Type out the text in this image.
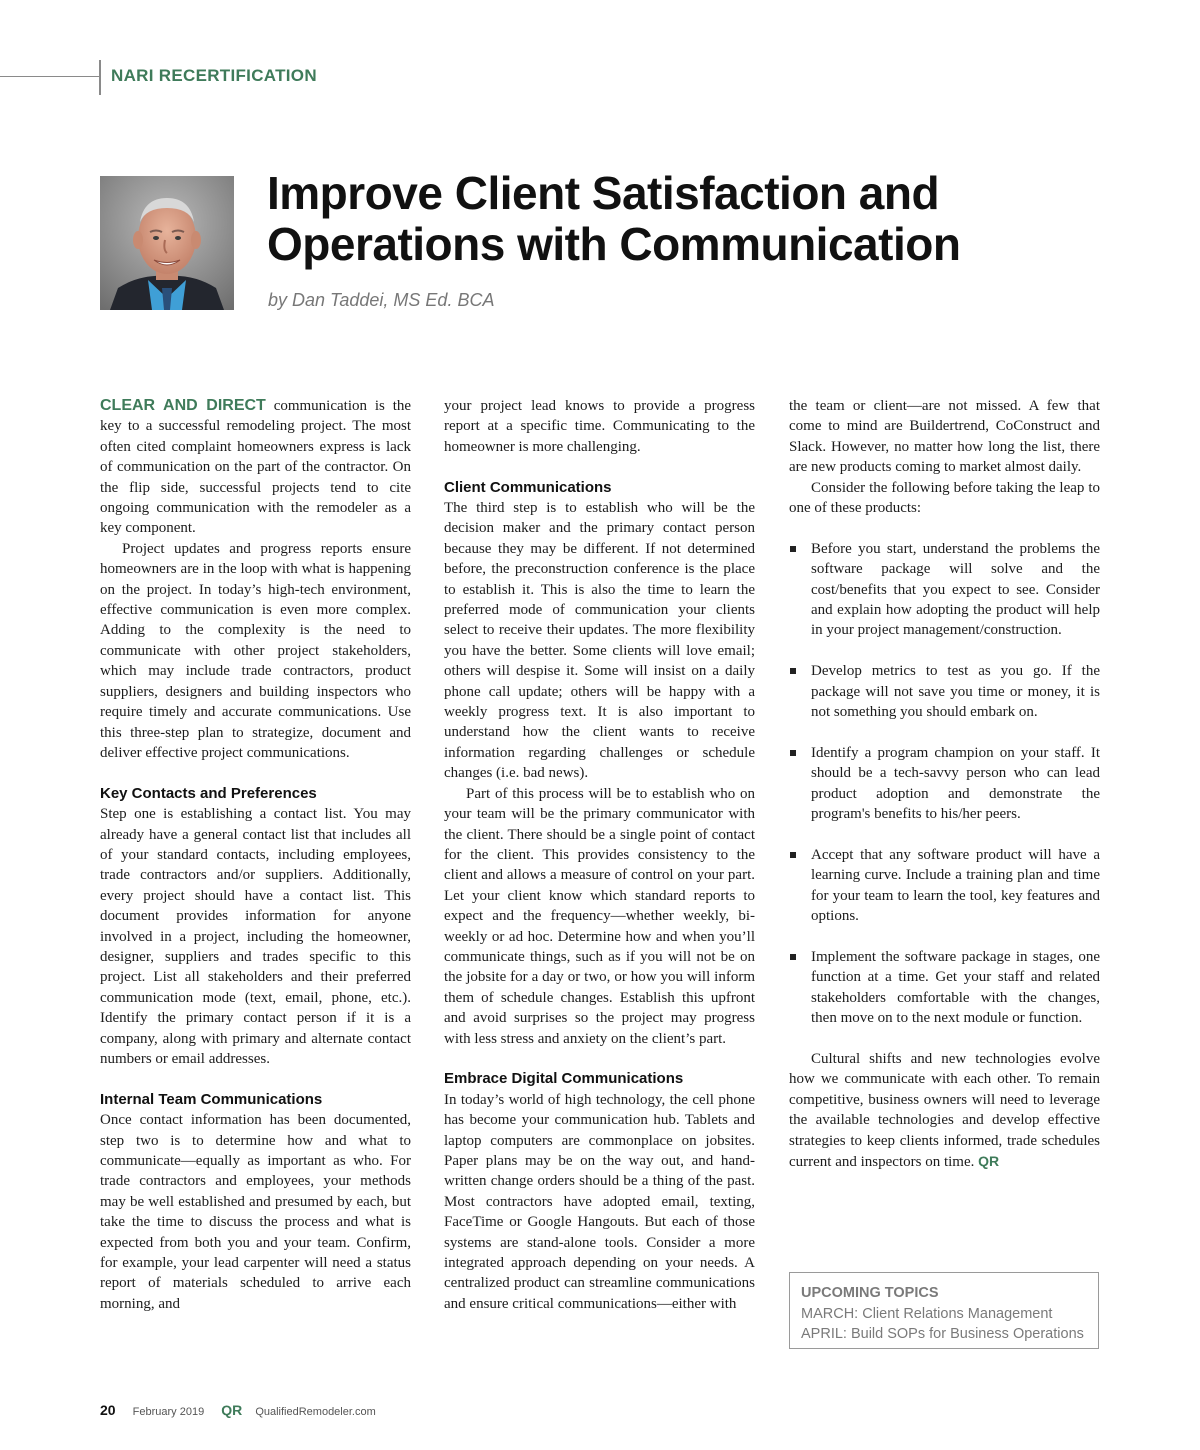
NARI RECERTIFICATION
Improve Client Satisfaction and
Operations with Communication
by Dan Taddei, MS Ed. BCA

CLEAR AND DIRECT communication is the key to a successful remodeling project. The most often cited complaint homeowners express is lack of communication on the part of the contractor. On the flip side, successful projects tend to cite ongoing communication with the remodeler as a key component.

Project updates and progress reports ensure homeowners are in the loop with what is happening on the project. In today’s high-tech environment, effective communication is even more complex. Adding to the complexity is the need to communicate with other project stakeholders, which may include trade contractors, product suppliers, designers and building inspectors who require timely and accurate communications. Use this three-step plan to strategize, document and deliver effective project communications.

Key Contacts and Preferences

Step one is establishing a contact list. You may already have a general contact list that includes all of your standard contacts, including employees, trade contractors and/or suppliers. Additionally, every project should have a contact list. This document provides information for anyone involved in a project, including the homeowner, designer, suppliers and trades specific to this project. List all stakeholders and their preferred communication mode (text, email, phone, etc.). Identify the primary contact person if it is a company, along with primary and alternate contact numbers or email addresses.

Internal Team Communications

Once contact information has been documented, step two is to determine how and what to communicate—equally as important as who. For trade contractors and employees, your methods may be well established and presumed by each, but take the time to discuss the process and what is expected from both you and your team. Confirm, for example, your lead carpenter will need a status report of materials scheduled to arrive each morning, and

your project lead knows to provide a progress report at a specific time. Communicating to the homeowner is more challenging.

Client Communications

The third step is to establish who will be the decision maker and the primary contact person because they may be different. If not determined before, the preconstruction conference is the place to establish it. This is also the time to learn the preferred mode of communication your clients select to receive their updates. The more flexibility you have the better. Some clients will love email; others will despise it. Some will insist on a daily phone call update; others will be happy with a weekly progress text. It is also important to understand how the client wants to receive information regarding challenges or schedule changes (i.e. bad news).

Part of this process will be to establish who on your team will be the primary communicator with the client. There should be a single point of contact for the client. This provides consistency to the client and allows a measure of control on your part. Let your client know which standard reports to expect and the frequency—whether weekly, bi-weekly or ad hoc. Determine how and when you’ll communicate things, such as if you will not be on the jobsite for a day or two, or how you will inform them of schedule changes. Establish this upfront and avoid surprises so the project may progress with less stress and anxiety on the client’s part.

Embrace Digital Communications

In today’s world of high technology, the cell phone has become your communication hub. Tablets and laptop computers are commonplace on jobsites. Paper plans may be on the way out, and hand-written change orders should be a thing of the past. Most contractors have adopted email, texting, FaceTime or Google Hangouts. But each of those systems are stand-alone tools. Consider a more integrated approach depending on your needs. A centralized product can streamline communications and ensure critical communications—either with

the team or client—are not missed. A few that come to mind are Buildertrend, CoConstruct and Slack. However, no matter how long the list, there are new products coming to market almost daily.

Consider the following before taking the leap to one of these products:

Before you start, understand the problems the software package will solve and the cost/benefits that you expect to see. Consider and explain how adopting the product will help in your project management/construction.
Develop metrics to test as you go. If the package will not save you time or money, it is not something you should embark on.
Identify a program champion on your staff. It should be a tech-savvy person who can lead product adoption and demonstrate the program's benefits to his/her peers.
Accept that any software product will have a learning curve. Include a training plan and time for your team to learn the tool, key features and options.
Implement the software package in stages, one function at a time. Get your staff and related stakeholders comfortable with the changes, then move on to the next module or function.

Cultural shifts and new technologies evolve how we communicate with each other. To remain competitive, business owners will need to leverage the available technologies and develop effective strategies to keep clients informed, trade schedules current and inspectors on time. QR

UPCOMING TOPICS
MARCH: Client Relations Management
APRIL: Build SOPs for Business Operations
20 February 2019 QR QualifiedRemodeler.com
